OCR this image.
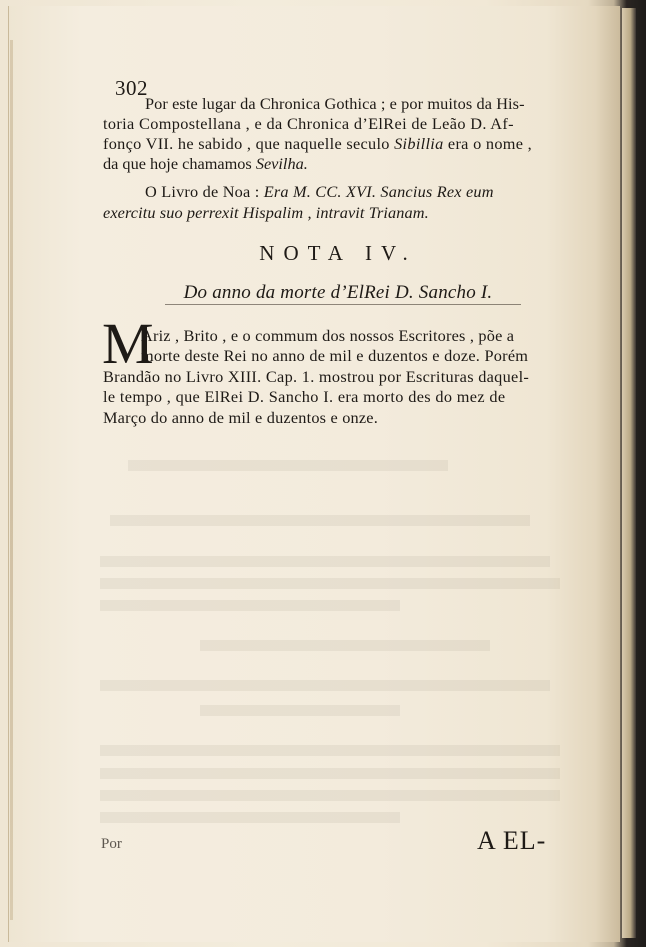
302
Por este lugar da Chronica Gothica ; e por muitos da His-
toria Compostellana , e da Chronica d’ElRei de Leão D. Af-
fonço VII. he sabido , que naquelle seculo Sibillia era o nome ,
da que hoje chamamos Sevilha.
O Livro de Noa : Era M. CC. XVI. Sancius Rex eum
exercitu suo perrexit Hispalim , intravit Trianam.
NOTA IV.
Do anno da morte d’ElRei D. Sancho I.
M
Ariz , Brito , e o commum dos nossos Escritores , põe a
morte deste Rei no anno de mil e duzentos e doze. Porém
Brandão no Livro XIII. Cap. 1. mostrou por Escrituras daquel-
le tempo , que ElRei D. Sancho I. era morto des do mez de
Março do anno de mil e duzentos e onze.
Por	A EL-
